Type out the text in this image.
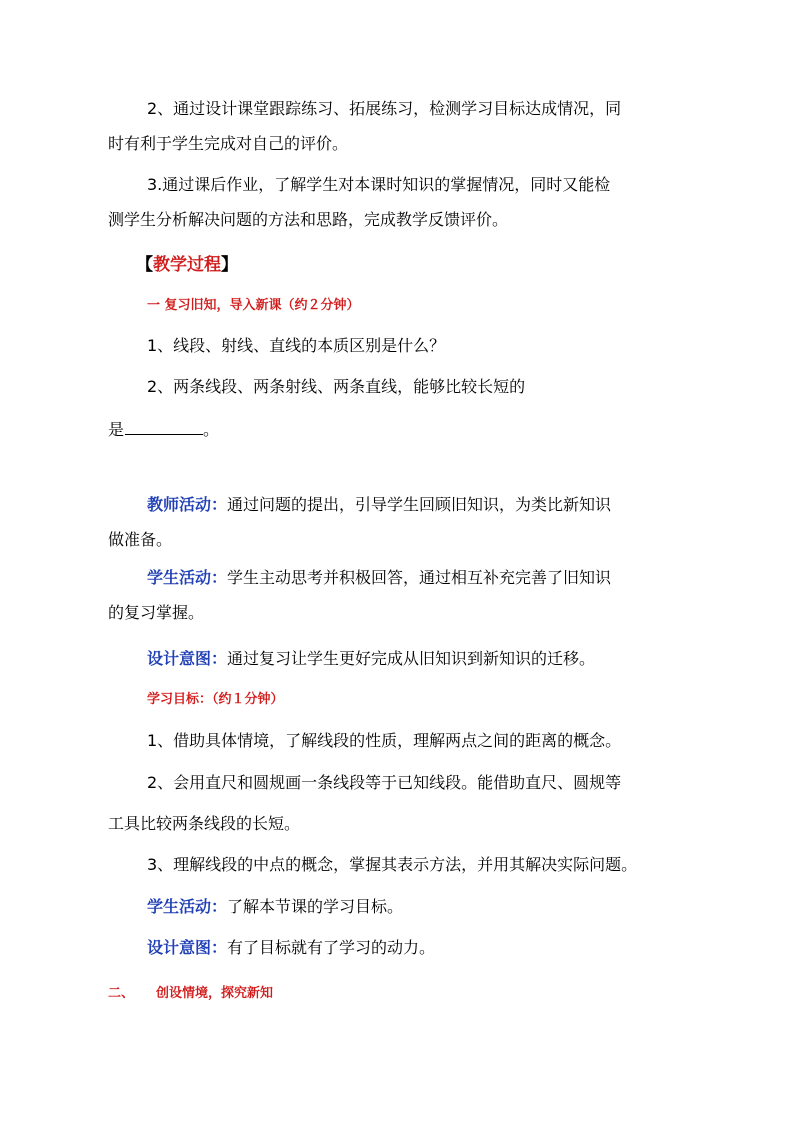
2、通过设计课堂跟踪练习、拓展练习，检测学习目标达成情况，同
时有利于学生完成对自己的评价。
3.通过课后作业，了解学生对本课时知识的掌握情况，同时又能检
测学生分析解决问题的方法和思路，完成教学反馈评价。
【教学过程】
一 复习旧知，导入新课（约２分钟）
1、线段、射线、直线的本质区别是什么？
2、两条线段、两条射线、两条直线，能够比较长短的
是	。
教师活动：通过问题的提出，引导学生回顾旧知识，为类比新知识
做准备。
学生活动：学生主动思考并积极回答，通过相互补充完善了旧知识
的复习掌握。
设计意图：通过复习让学生更好完成从旧知识到新知识的迁移。
学习目标：（约１分钟）
1、借助具体情境，了解线段的性质，理解两点之间的距离的概念。
2、会用直尺和圆规画一条线段等于已知线段。能借助直尺、圆规等
工具比较两条线段的长短。
3、理解线段的中点的概念，掌握其表示方法，并用其解决实际问题。
学生活动：了解本节课的学习目标。
设计意图：有了目标就有了学习的动力。
二、 创设情境，探究新知
